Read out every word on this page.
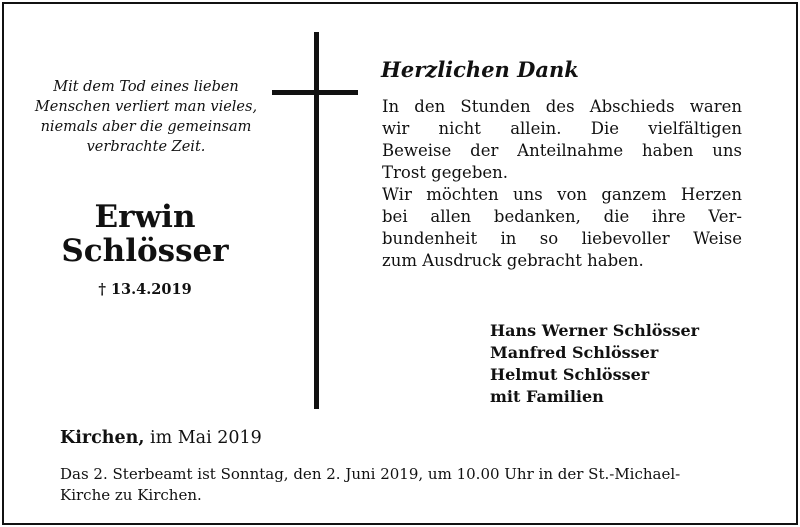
Mit dem Tod eines lieben
Menschen verliert man vieles,
niemals aber die gemeinsam
verbrachte Zeit.
Erwin
Schlösser
† 13.4.2019
Herzlichen Dank
In den Stunden des Abschieds waren
wir nicht allein. Die vielfältigen
Beweise der Anteilnahme haben uns
Trost gegeben.
Wir möchten uns von ganzem Herzen
bei allen bedanken, die ihre Ver-
bundenheit in so liebevoller Weise
zum Ausdruck gebracht haben.
Hans Werner Schlösser
Manfred Schlösser
Helmut Schlösser
mit Familien
Kirchen, im Mai 2019
Das 2. Sterbeamt ist Sonntag, den 2. Juni 2019, um 10.00 Uhr in der St.-Michael-
Kirche zu Kirchen.
